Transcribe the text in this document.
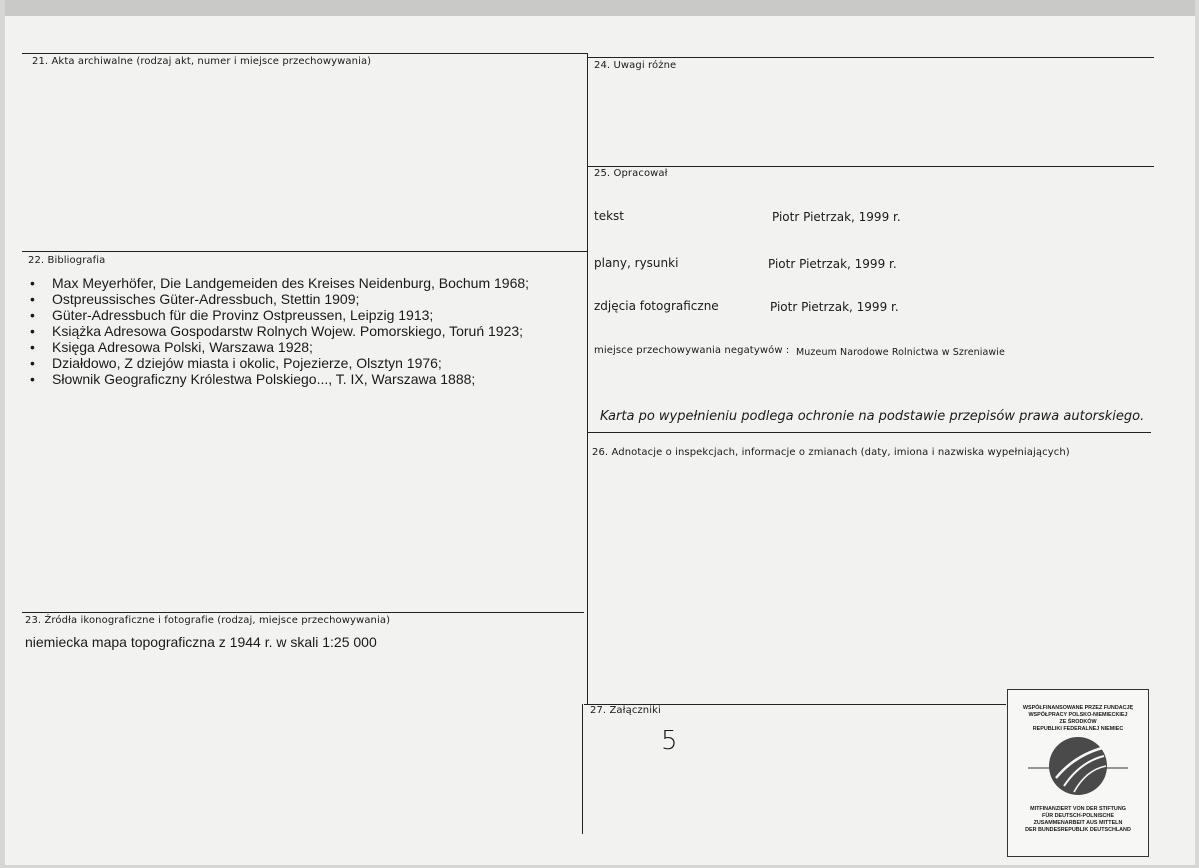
21. Akta archiwalne (rodzaj akt, numer i miejsce przechowywania)
22. Bibliografia
• Max Meyerhöfer, Die Landgemeiden des Kreises Neidenburg, Bochum 1968;
• Ostpreussisches Güter-Adressbuch, Stettin 1909;
• Güter-Adressbuch für die Provinz Ostpreussen, Leipzig 1913;
• Książka Adresowa Gospodarstw Rolnych Wojew. Pomorskiego, Toruń 1923;
• Księga Adresowa Polski, Warszawa 1928;
• Działdowo, Z dziejów miasta i okolic, Pojezierze, Olsztyn 1976;
• Słownik Geograficzny Królestwa Polskiego..., T. IX, Warszawa 1888;
23. Źródła ikonograficzne i fotografie (rodzaj, miejsce przechowywania)
niemiecka mapa topograficzna z 1944 r. w skali 1:25 000
24. Uwagi różne
25. Opracował
tekst	Piotr Pietrzak, 1999 r.
plany, rysunki	Piotr Pietrzak, 1999 r.
zdjęcia fotograficzne	Piotr Pietrzak, 1999 r.
miejsce przechowywania negatywów : Muzeum Narodowe Rolnictwa w Szreniawie
Karta po wypełnieniu podlega ochronie na podstawie przepisów prawa autorskiego.
26. Adnotacje o inspekcjach, informacje o zmianach (daty, imiona i nazwiska wypełniających)
27. Załączniki
5
WSPÓŁFINANSOWANE PRZEZ FUNDACJĘ
WSPÓŁPRACY POLSKO-NIEMIECKIEJ
ZE ŚRODKÓW
REPUBLIKI FEDERALNEJ NIEMIEC
MITFINANZIERT VON DER STIFTUNG
FÜR DEUTSCH-POLNISCHE
ZUSAMMENARBEIT AUS MITTELN
DER BUNDESREPUBLIK DEUTSCHLAND
